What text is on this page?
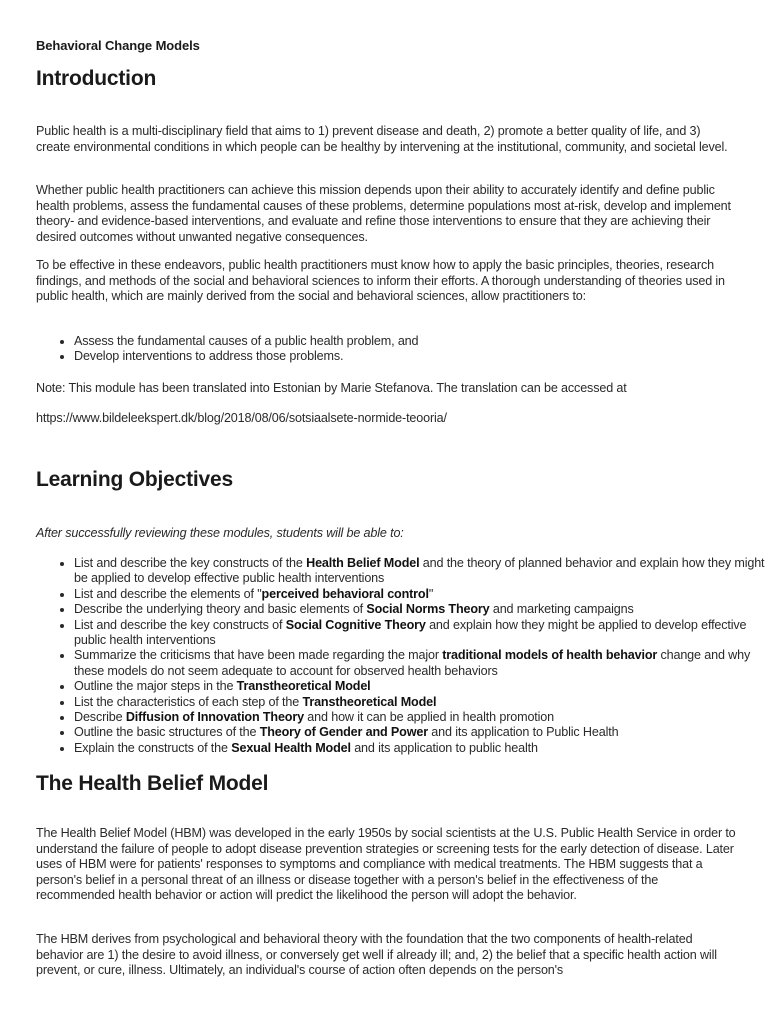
Behavioral Change Models
Introduction

Public health is a multi-disciplinary field that aims to 1) prevent disease and death, 2) promote a better quality of life, and 3) create environmental conditions in which people can be healthy by intervening at the institutional, community, and societal level.

Whether public health practitioners can achieve this mission depends upon their ability to accurately identify and define public health problems, assess the fundamental causes of these problems, determine populations most at-risk, develop and implement theory- and evidence-based interventions, and evaluate and refine those interventions to ensure that they are achieving their desired outcomes without unwanted negative consequences.

To be effective in these endeavors, public health practitioners must know how to apply the basic principles, theories, research findings, and methods of the social and behavioral sciences to inform their efforts. A thorough understanding of theories used in public health, which are mainly derived from the social and behavioral sciences, allow practitioners to:

• Assess the fundamental causes of a public health problem, and
• Develop interventions to address those problems.

Note: This module has been translated into Estonian by Marie Stefanova. The translation can be accessed at

https://www.bildeleekspert.dk/blog/2018/08/06/sotsiaalsete-normide-teooria/

Learning Objectives

After successfully reviewing these modules, students will be able to:

• List and describe the key constructs of the Health Belief Model and the theory of planned behavior and explain how they might be applied to develop effective public health interventions
• List and describe the elements of "perceived behavioral control"
• Describe the underlying theory and basic elements of Social Norms Theory and marketing campaigns
• List and describe the key constructs of Social Cognitive Theory and explain how they might be applied to develop effective public health interventions
• Summarize the criticisms that have been made regarding the major traditional models of health behavior change and why these models do not seem adequate to account for observed health behaviors
• Outline the major steps in the Transtheoretical Model
• List the characteristics of each step of the Transtheoretical Model
• Describe Diffusion of Innovation Theory and how it can be applied in health promotion
• Outline the basic structures of the Theory of Gender and Power and its application to Public Health
• Explain the constructs of the Sexual Health Model and its application to public health
The Health Belief Model

The Health Belief Model (HBM) was developed in the early 1950s by social scientists at the U.S. Public Health Service in order to understand the failure of people to adopt disease prevention strategies or screening tests for the early detection of disease. Later uses of HBM were for patients' responses to symptoms and compliance with medical treatments. The HBM suggests that a person's belief in a personal threat of an illness or disease together with a person's belief in the effectiveness of the recommended health behavior or action will predict the likelihood the person will adopt the behavior.

The HBM derives from psychological and behavioral theory with the foundation that the two components of health-related behavior are 1) the desire to avoid illness, or conversely get well if already ill; and, 2) the belief that a specific health action will prevent, or cure, illness. Ultimately, an individual's course of action often depends on the person's
